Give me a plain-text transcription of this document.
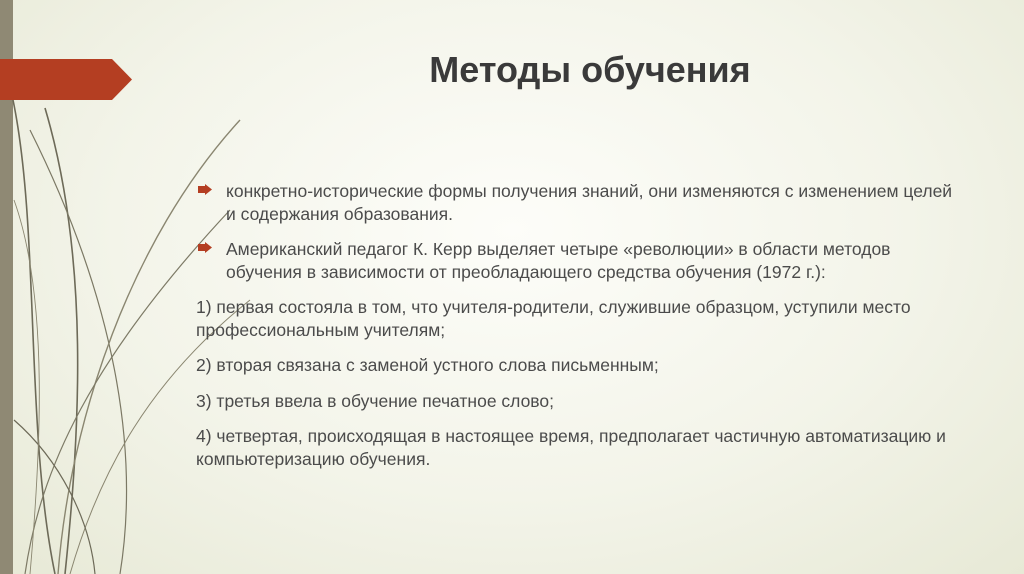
Методы обучения

конкретно-исторические формы получения знаний, они изменяются с изменением целей и содержания образования.

Американский педагог К. Керр выделяет четыре «революции» в области методов обучения в зависимости от преобладающего средства обучения (1972 г.):

1) первая состояла в том, что учителя-родители, служившие образцом, уступили место профессиональным учителям;

2) вторая связана с заменой устного слова письменным;

3) третья ввела в обучение печатное слово;

4) четвертая, происходящая в настоящее время, предполагает частичную автоматизацию и компьютеризацию обучения.
